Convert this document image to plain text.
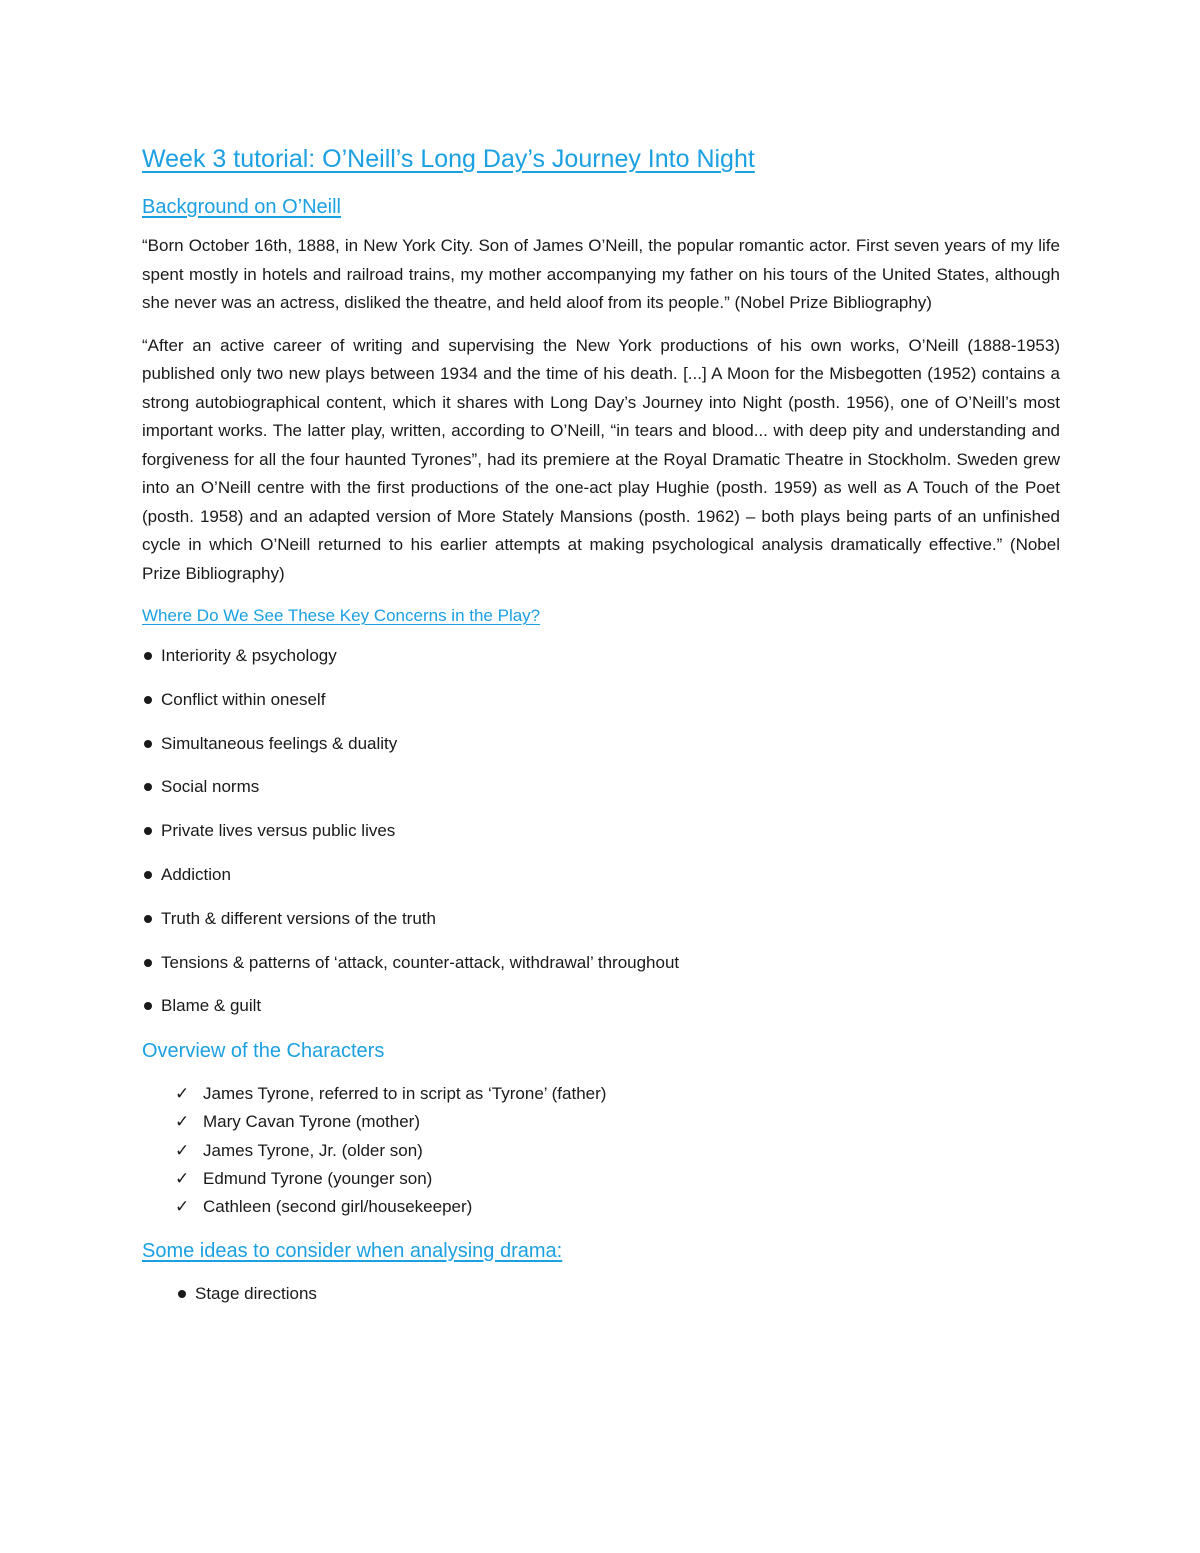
Week 3 tutorial: O’Neill’s Long Day’s Journey Into Night
Background on O’Neill

“Born October 16th, 1888, in New York City. Son of James O’Neill, the popular romantic actor. First seven years of my life spent mostly in hotels and railroad trains, my mother accompanying my father on his tours of the United States, although she never was an actress, disliked the theatre, and held aloof from its people.” (Nobel Prize Bibliography)

“After an active career of writing and supervising the New York productions of his own works, O’Neill (1888-1953) published only two new plays between 1934 and the time of his death. [...] A Moon for the Misbegotten (1952) contains a strong autobiographical content, which it shares with Long Day’s Journey into Night (posth. 1956), one of O’Neill’s most important works. The latter play, written, according to O’Neill, “in tears and blood... with deep pity and understanding and forgiveness for all the four haunted Tyrones”, had its premiere at the Royal Dramatic Theatre in Stockholm. Sweden grew into an O’Neill centre with the first productions of the one-act play Hughie (posth. 1959) as well as A Touch of the Poet (posth. 1958) and an adapted version of More Stately Mansions (posth. 1962) – both plays being parts of an unfinished cycle in which O’Neill returned to his earlier attempts at making psychological analysis dramatically effective.” (Nobel Prize Bibliography)

Where Do We See These Key Concerns in the Play?
Interiority & psychology
Conflict within oneself
Simultaneous feelings & duality
Social norms
Private lives versus public lives
Addiction
Truth & different versions of the truth
Tensions & patterns of ‘attack, counter-attack, withdrawal’ throughout
Blame & guilt
Overview of the Characters
✓ James Tyrone, referred to in script as ‘Tyrone’ (father)
✓ Mary Cavan Tyrone (mother)
✓ James Tyrone, Jr. (older son)
✓ Edmund Tyrone (younger son)
✓ Cathleen (second girl/housekeeper)
Some ideas to consider when analysing drama:
Stage directions
